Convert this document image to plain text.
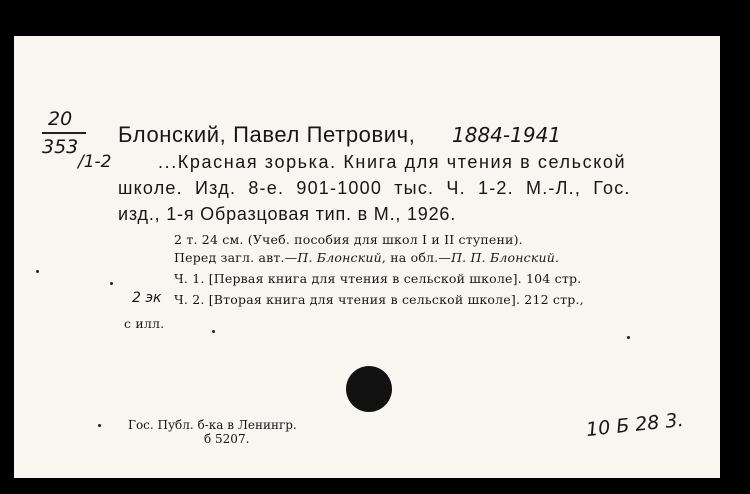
20
353
/1-2
Блонский, Павел Петрович, 1884-1941
...Красная зорька. Книга для чтения в сельской
школе. Изд. 8-е. 901-1000 тыс. Ч. 1-2. М.-Л., Гос.
изд., 1-я Образцовая тип. в М., 1926.
2 т. 24 см. (Учеб. пособия для школ I и II ступени).
Перед загл. авт.—П. Блонский, на обл.—П. П. Блонский.
Ч. 1. [Первая книга для чтения в сельской школе]. 104 стр.
2 эк Ч. 2. [Вторая книга для чтения в сельской школе]. 212 стр.,
с илл.
Гос. Публ. б-ка в Ленингр.
б 5207.	10 Б 28 3.
